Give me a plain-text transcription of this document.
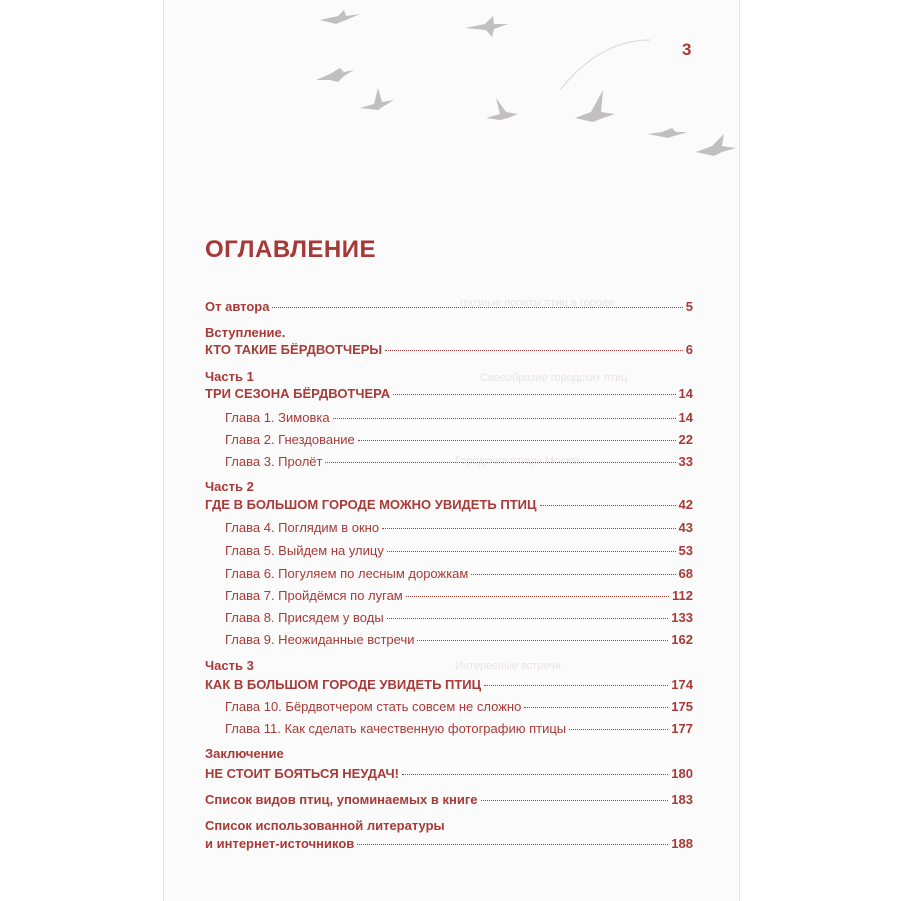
грозные полеты птиц в городе
Своеобразие городских птиц
Городские птицы Москвы
Интересные встречи
3
ОГЛАВЛЕНИЕ
От автора	5
Вступление.
КТО ТАКИЕ БЁРДВОТЧЕРЫ	6
Часть 1
ТРИ СЕЗОНА БЁРДВОТЧЕРА	14
Глава 1. Зимовка	14
Глава 2. Гнездование	22
Глава 3. Пролёт	33
Часть 2
ГДЕ В БОЛЬШОМ ГОРОДЕ МОЖНО УВИДЕТЬ ПТИЦ	42
Глава 4. Поглядим в окно	43
Глава 5. Выйдем на улицу	53
Глава 6. Погуляем по лесным дорожкам	68
Глава 7. Пройдёмся по лугам	112
Глава 8. Присядем у воды	133
Глава 9. Неожиданные встречи	162
Часть 3
КАК В БОЛЬШОМ ГОРОДЕ УВИДЕТЬ ПТИЦ	174
Глава 10. Бёрдвотчером стать совсем не сложно	175
Глава 11. Как сделать качественную фотографию птицы	177
Заключение
НЕ СТОИТ БОЯТЬСЯ НЕУДАЧ!	180
Список видов птиц, упоминаемых в книге	183
Список использованной литературы
и интернет-источников	188
